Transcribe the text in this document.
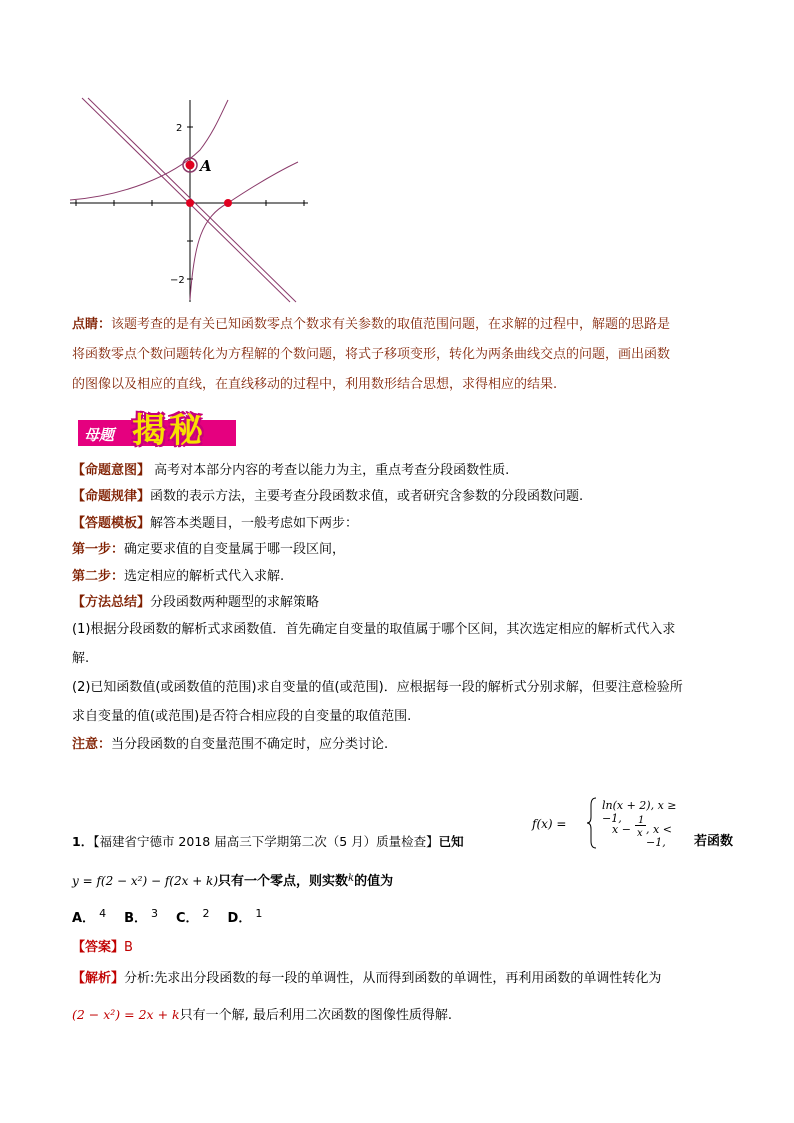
2
−2
A
点睛：该题考查的是有关已知函数零点个数求有关参数的取值范围问题，在求解的过程中，解题的思路是
将函数零点个数问题转化为方程解的个数问题，将式子移项变形，转化为两条曲线交点的问题，画出函数
的图像以及相应的直线，在直线移动的过程中，利用数形结合思想，求得相应的结果.
母题 揭秘
【命题意图】 高考对本部分内容的考查以能力为主，重点考查分段函数性质.
【命题规律】函数的表示方法，主要考查分段函数求值，或者研究含参数的分段函数问题.
【答题模板】解答本类题目，一般考虑如下两步：
第一步：确定要求值的自变量属于哪一段区间，
第二步：选定相应的解析式代入求解.
【方法总结】分段函数两种题型的求解策略
(1)根据分段函数的解析式求函数值．首先确定自变量的取值属于哪个区间，其次选定相应的解析式代入求
解.
(2)已知函数值(或函数值的范围)求自变量的值(或范围)．应根据每一段的解析式分别求解，但要注意检验所
求自变量的值(或范围)是否符合相应段的自变量的取值范围.
注意：当分段函数的自变量范围不确定时，应分类讨论.
f(x) =
ln(x + 2), x ≥ −1,
x −
1
x , x < −1,
1．【福建省宁德市 2018 届高三下学期第二次（5 月）质量检查】已知	若函数
y = f(2 − x²) − f(2x + k)只有一个零点，则实数$^k$的值为
A． $^4$ B． $^3$ C． $^2$ D． $^1$
【答案】B
【解析】分析:先求出分段函数的每一段的单调性，从而得到函数的单调性，再利用函数的单调性转化为
(2 − x²) = 2x + k只有一个解, 最后利用二次函数的图像性质得解.
